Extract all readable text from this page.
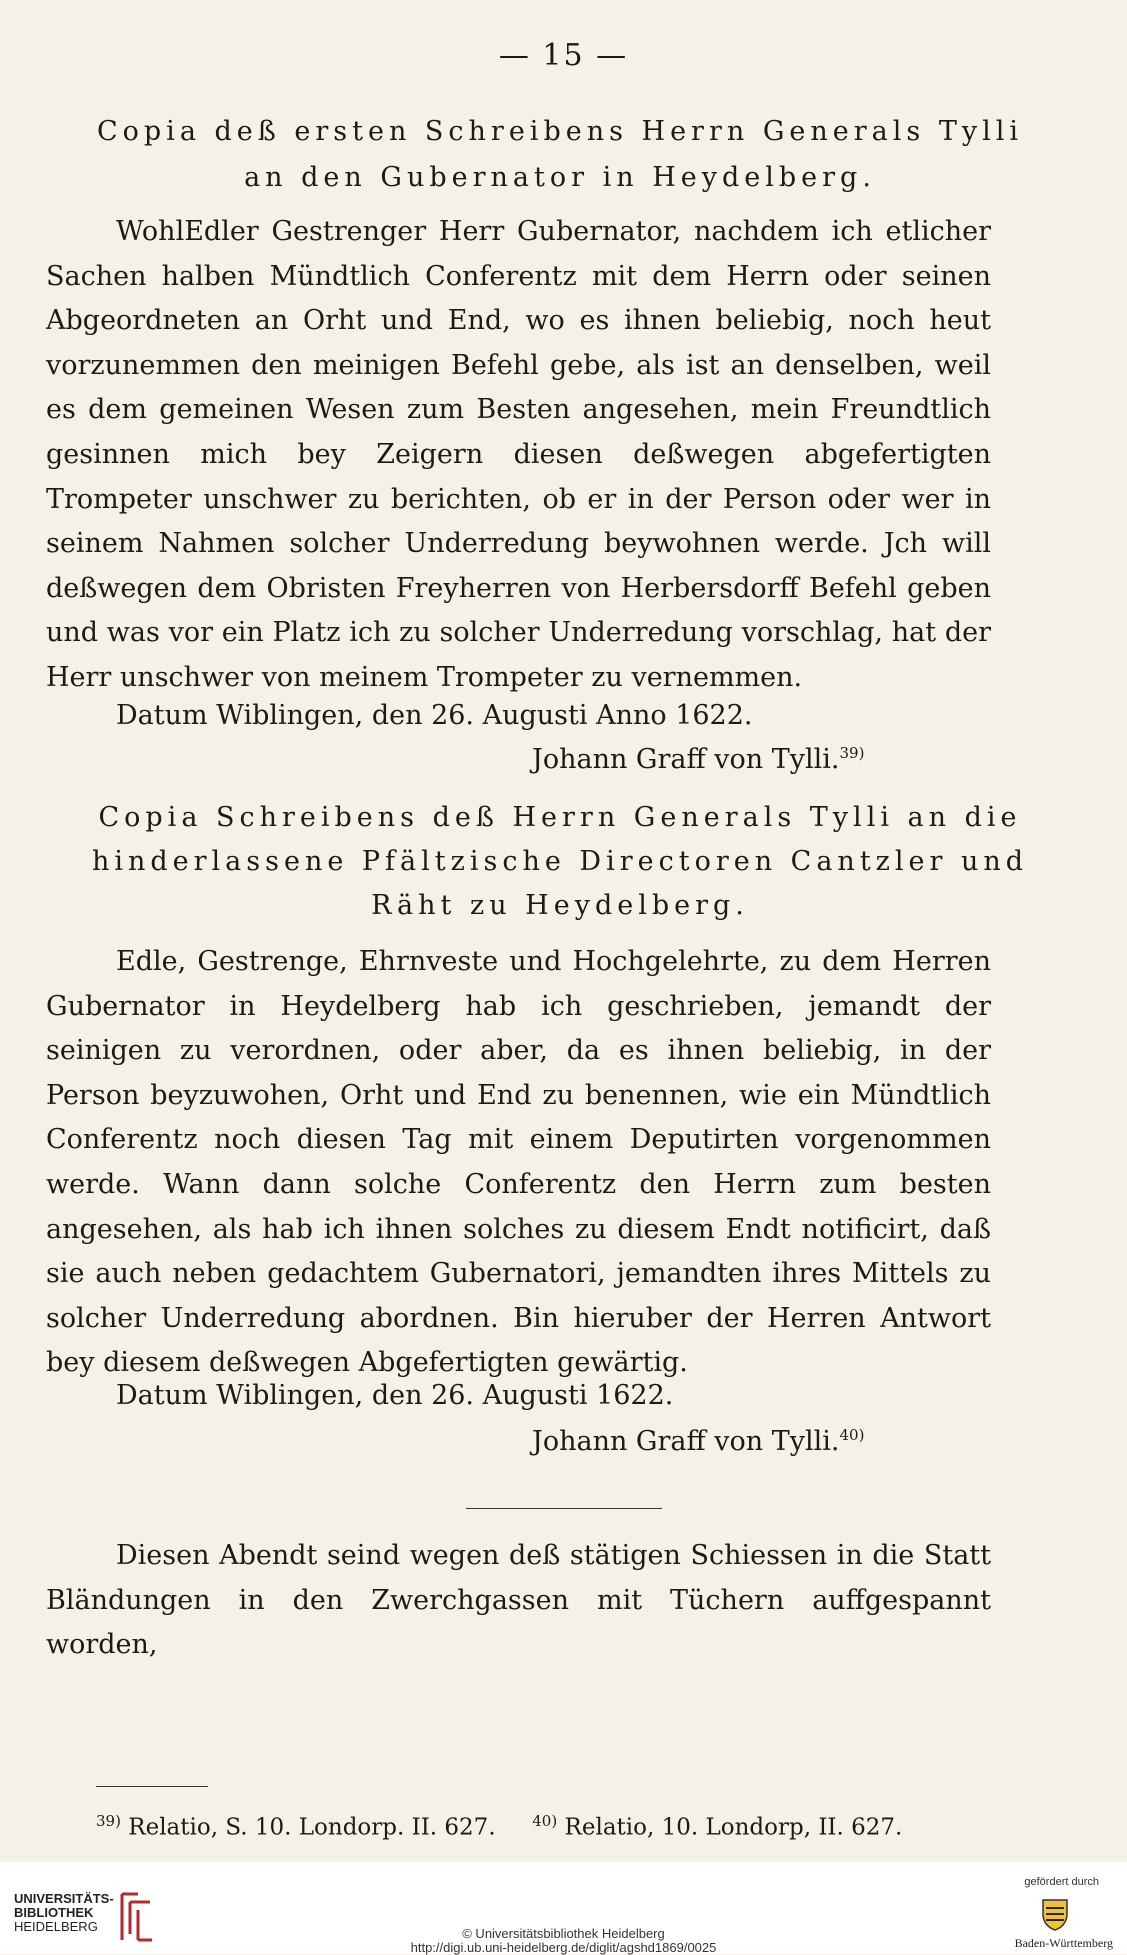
— 15 —
Copia deß ersten Schreibens Herrn Generals Tylli
an den Gubernator in Heydelberg.

WohlEdler Gestrenger Herr Gubernator, nachdem ich etlicher Sachen halben Mündtlich Conferentz mit dem Herrn oder seinen Abgeordneten an Orht und End, wo es ihnen beliebig, noch heut vorzunemmen den meinigen Befehl gebe, als ist an denselben, weil es dem gemeinen Wesen zum Besten angesehen, mein Freundtlich gesinnen mich bey Zeigern diesen deßwegen abgefertigten Trompeter unschwer zu berichten, ob er in der Person oder wer in seinem Nahmen solcher Underredung beywohnen werde. Jch will deßwegen dem Obristen Freyherren von Herbersdorff Befehl geben und was vor ein Platz ich zu solcher Underredung vorschlag, hat der Herr unschwer von meinem Trompeter zu vernemmen.

Datum Wiblingen, den 26. Augusti Anno 1622.
Johann Graff von Tylli.$^{39)}$
Copia Schreibens deß Herrn Generals Tylli an die
hinderlassene Pfältzische Directoren Cantzler und
Räht zu Heydelberg.

Edle, Gestrenge, Ehrnveste und Hochgelehrte, zu dem Herren Gubernator in Heydelberg hab ich geschrieben, jemandt der seinigen zu verordnen, oder aber, da es ihnen beliebig, in der Person beyzuwohen, Orht und End zu benennen, wie ein Mündtlich Conferentz noch diesen Tag mit einem Deputirten vorgenommen werde. Wann dann solche Conferentz den Herrn zum besten angesehen, als hab ich ihnen solches zu diesem Endt notificirt, daß sie auch neben gedachtem Gubernatori, jemandten ihres Mittels zu solcher Underredung abordnen. Bin hieruber der Herren Antwort bey diesem deßwegen Abgefertigten gewärtig.

Datum Wiblingen, den 26. Augusti 1622.
Johann Graff von Tylli.$^{40)}$

Diesen Abendt seind wegen deß stätigen Schiessen in die Statt Bländungen in den Zwerchgassen mit Tüchern auffgespannt worden,

$^{39)}$ Relatio, S. 10. Londorp. II. 627. $^{40)}$ Relatio, 10. Londorp, II. 627.
UNIVERSITÄTS-
BIBLIOTHEK
HEIDELBERG	© Universitätsbibliothek Heidelberg
http://digi.ub.uni-heidelberg.de/diglit/agshd1869/0025
gefördert durch
Baden-Württemberg
